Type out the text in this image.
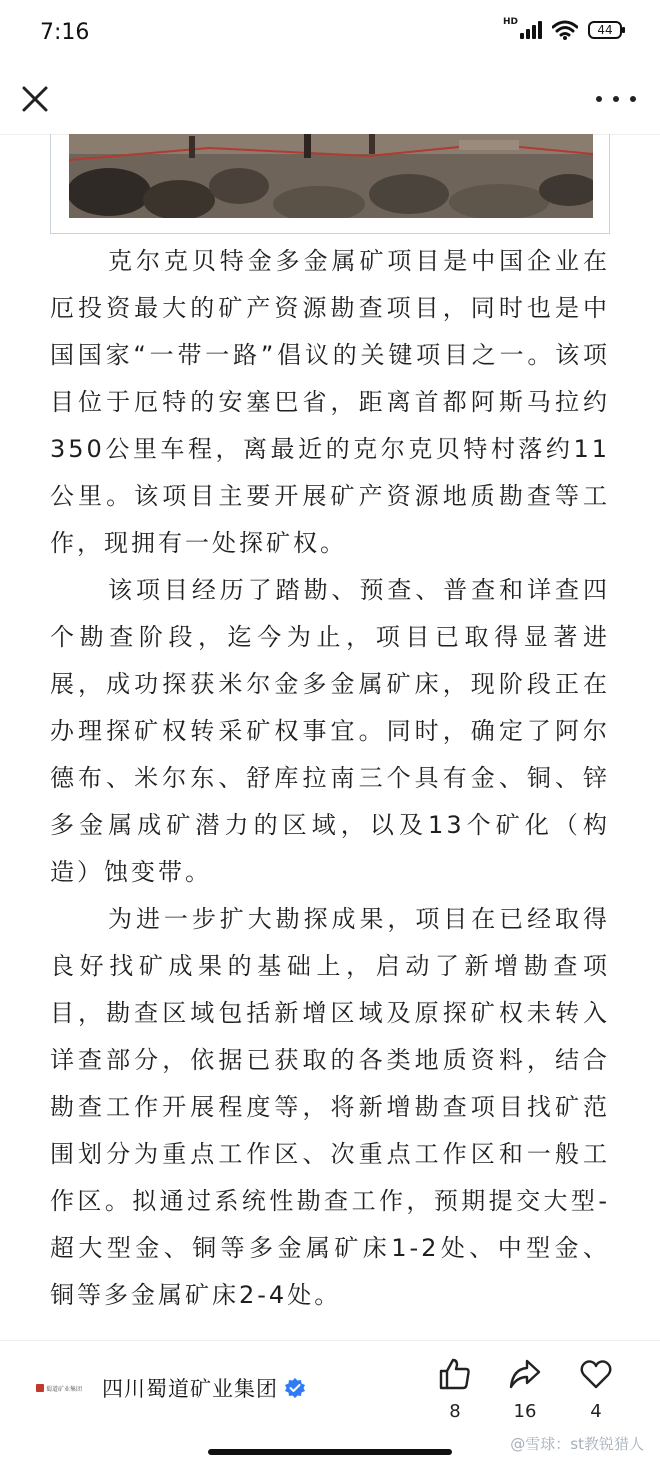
7:16	HD
44

克尔克贝特金多金属矿项目是中国企业在厄投资最大的矿产资源勘查项目，同时也是中国国家“一带一路”倡议的关键项目之一。该项目位于厄特的安塞巴省，距离首都阿斯马拉约350公里车程，离最近的克尔克贝特村落约11公里。该项目主要开展矿产资源地质勘查等工作，现拥有一处探矿权。

该项目经历了踏勘、预查、普查和详查四个勘查阶段，迄今为止，项目已取得显著进展，成功探获米尔金多金属矿床，现阶段正在办理探矿权转采矿权事宜。同时，确定了阿尔德布、米尔东、舒库拉南三个具有金、铜、锌多金属成矿潜力的区域，以及13个矿化（构造）蚀变带。

为进一步扩大勘探成果，项目在已经取得良好找矿成果的基础上，启动了新增勘查项目，勘查区域包括新增区域及原探矿权未转入详查部分，依据已获取的各类地质资料，结合勘查工作开展程度等，将新增勘查项目找矿范围划分为重点工作区、次重点工作区和一般工作区。拟通过系统性勘查工作，预期提交大型-超大型金、铜等多金属矿床1-2处、中型金、铜等多金属矿床2-4处。

蜀道矿业集团 四川蜀道矿业集团
8	16	4
@雪球：st教锐猎人
